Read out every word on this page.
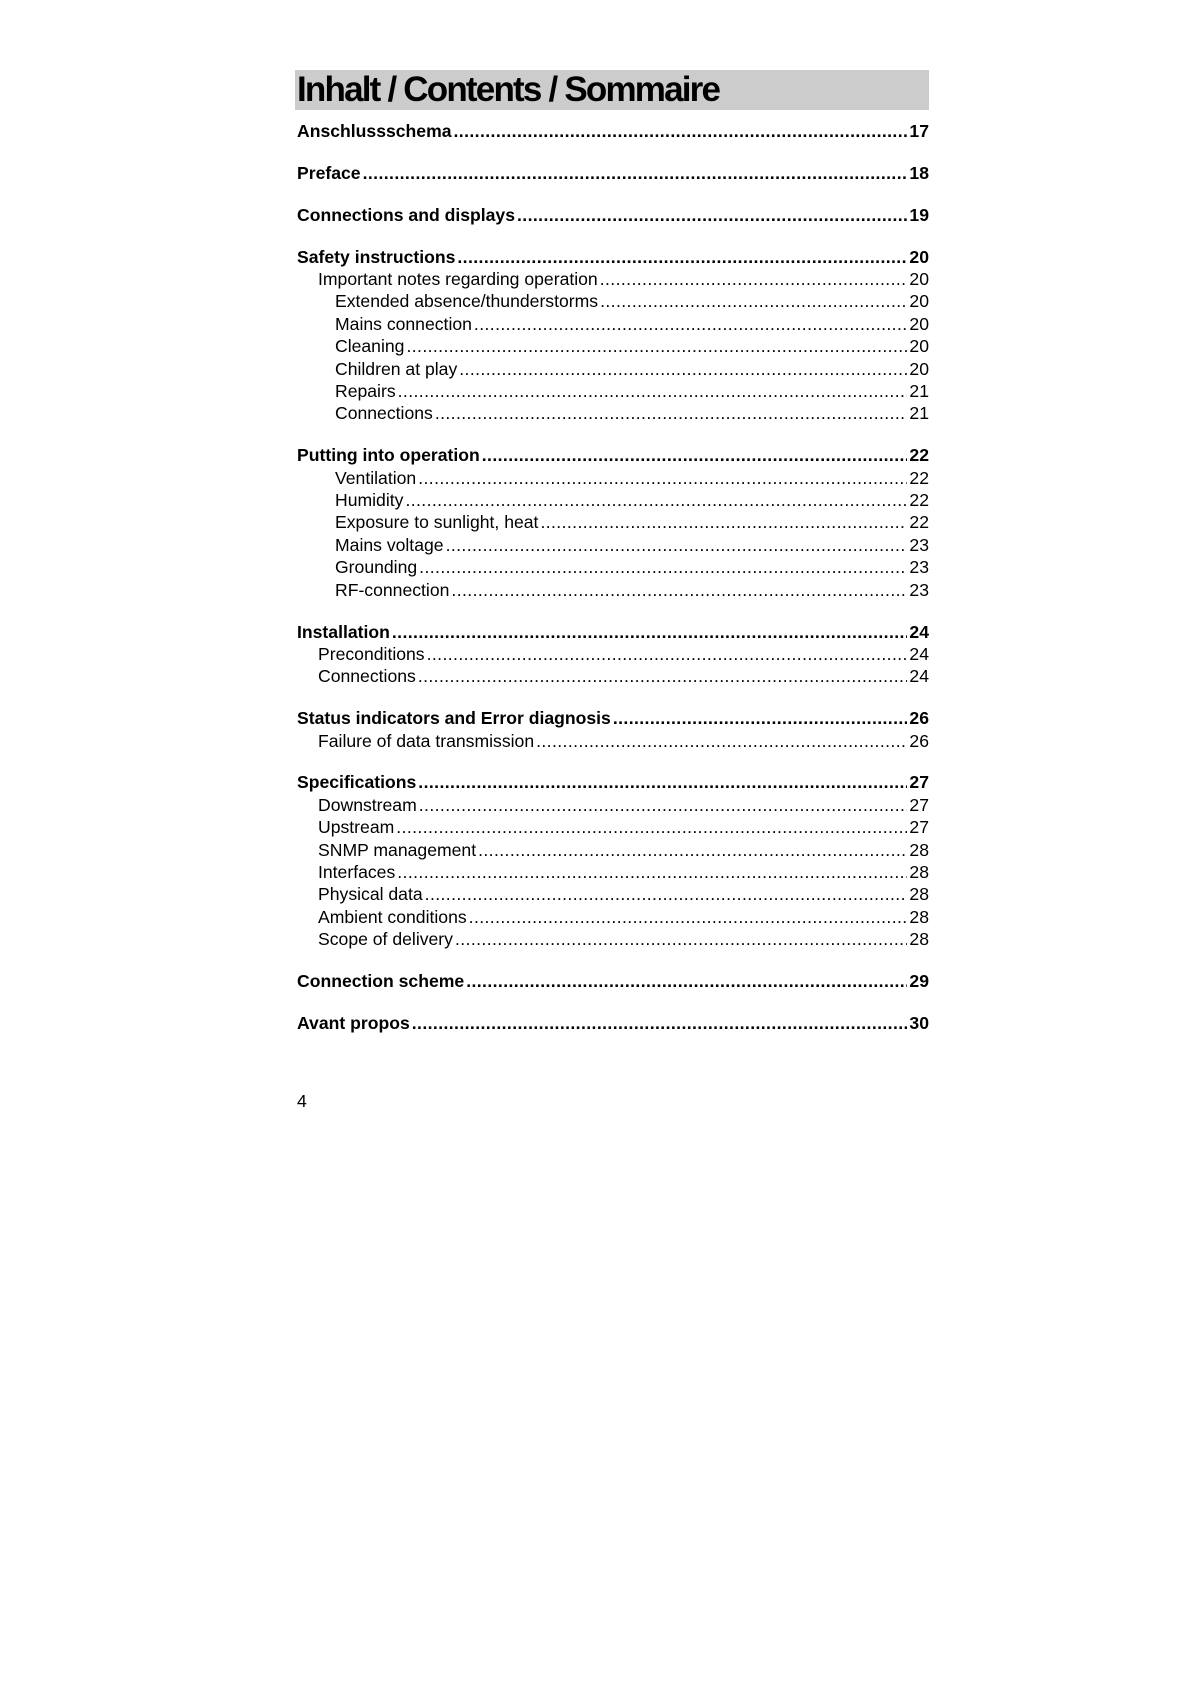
Inhalt / Contents / Sommaire
Anschlussschema .....	17
Preface .....	18
Connections and displays .....	19
Safety instructions .....	20
Important notes regarding operation .....	20
Extended absence/thunderstorms .....	20
Mains connection .....	20
Cleaning .....	20
Children at play .....	20
Repairs .....	21
Connections .....	21
Putting into operation .....	22
Ventilation .....	22
Humidity .....	22
Exposure to sunlight, heat .....	22
Mains voltage .....	23
Grounding .....	23
RF-connection .....	23
Installation .....	24
Preconditions .....	24
Connections .....	24
Status indicators and Error diagnosis .....	26
Failure of data transmission .....	26
Specifications .....	27
Downstream .....	27
Upstream .....	27
SNMP management .....	28
Interfaces .....	28
Physical data .....	28
Ambient conditions .....	28
Scope of delivery .....	28
Connection scheme .....	29
Avant propos .....	30
4
